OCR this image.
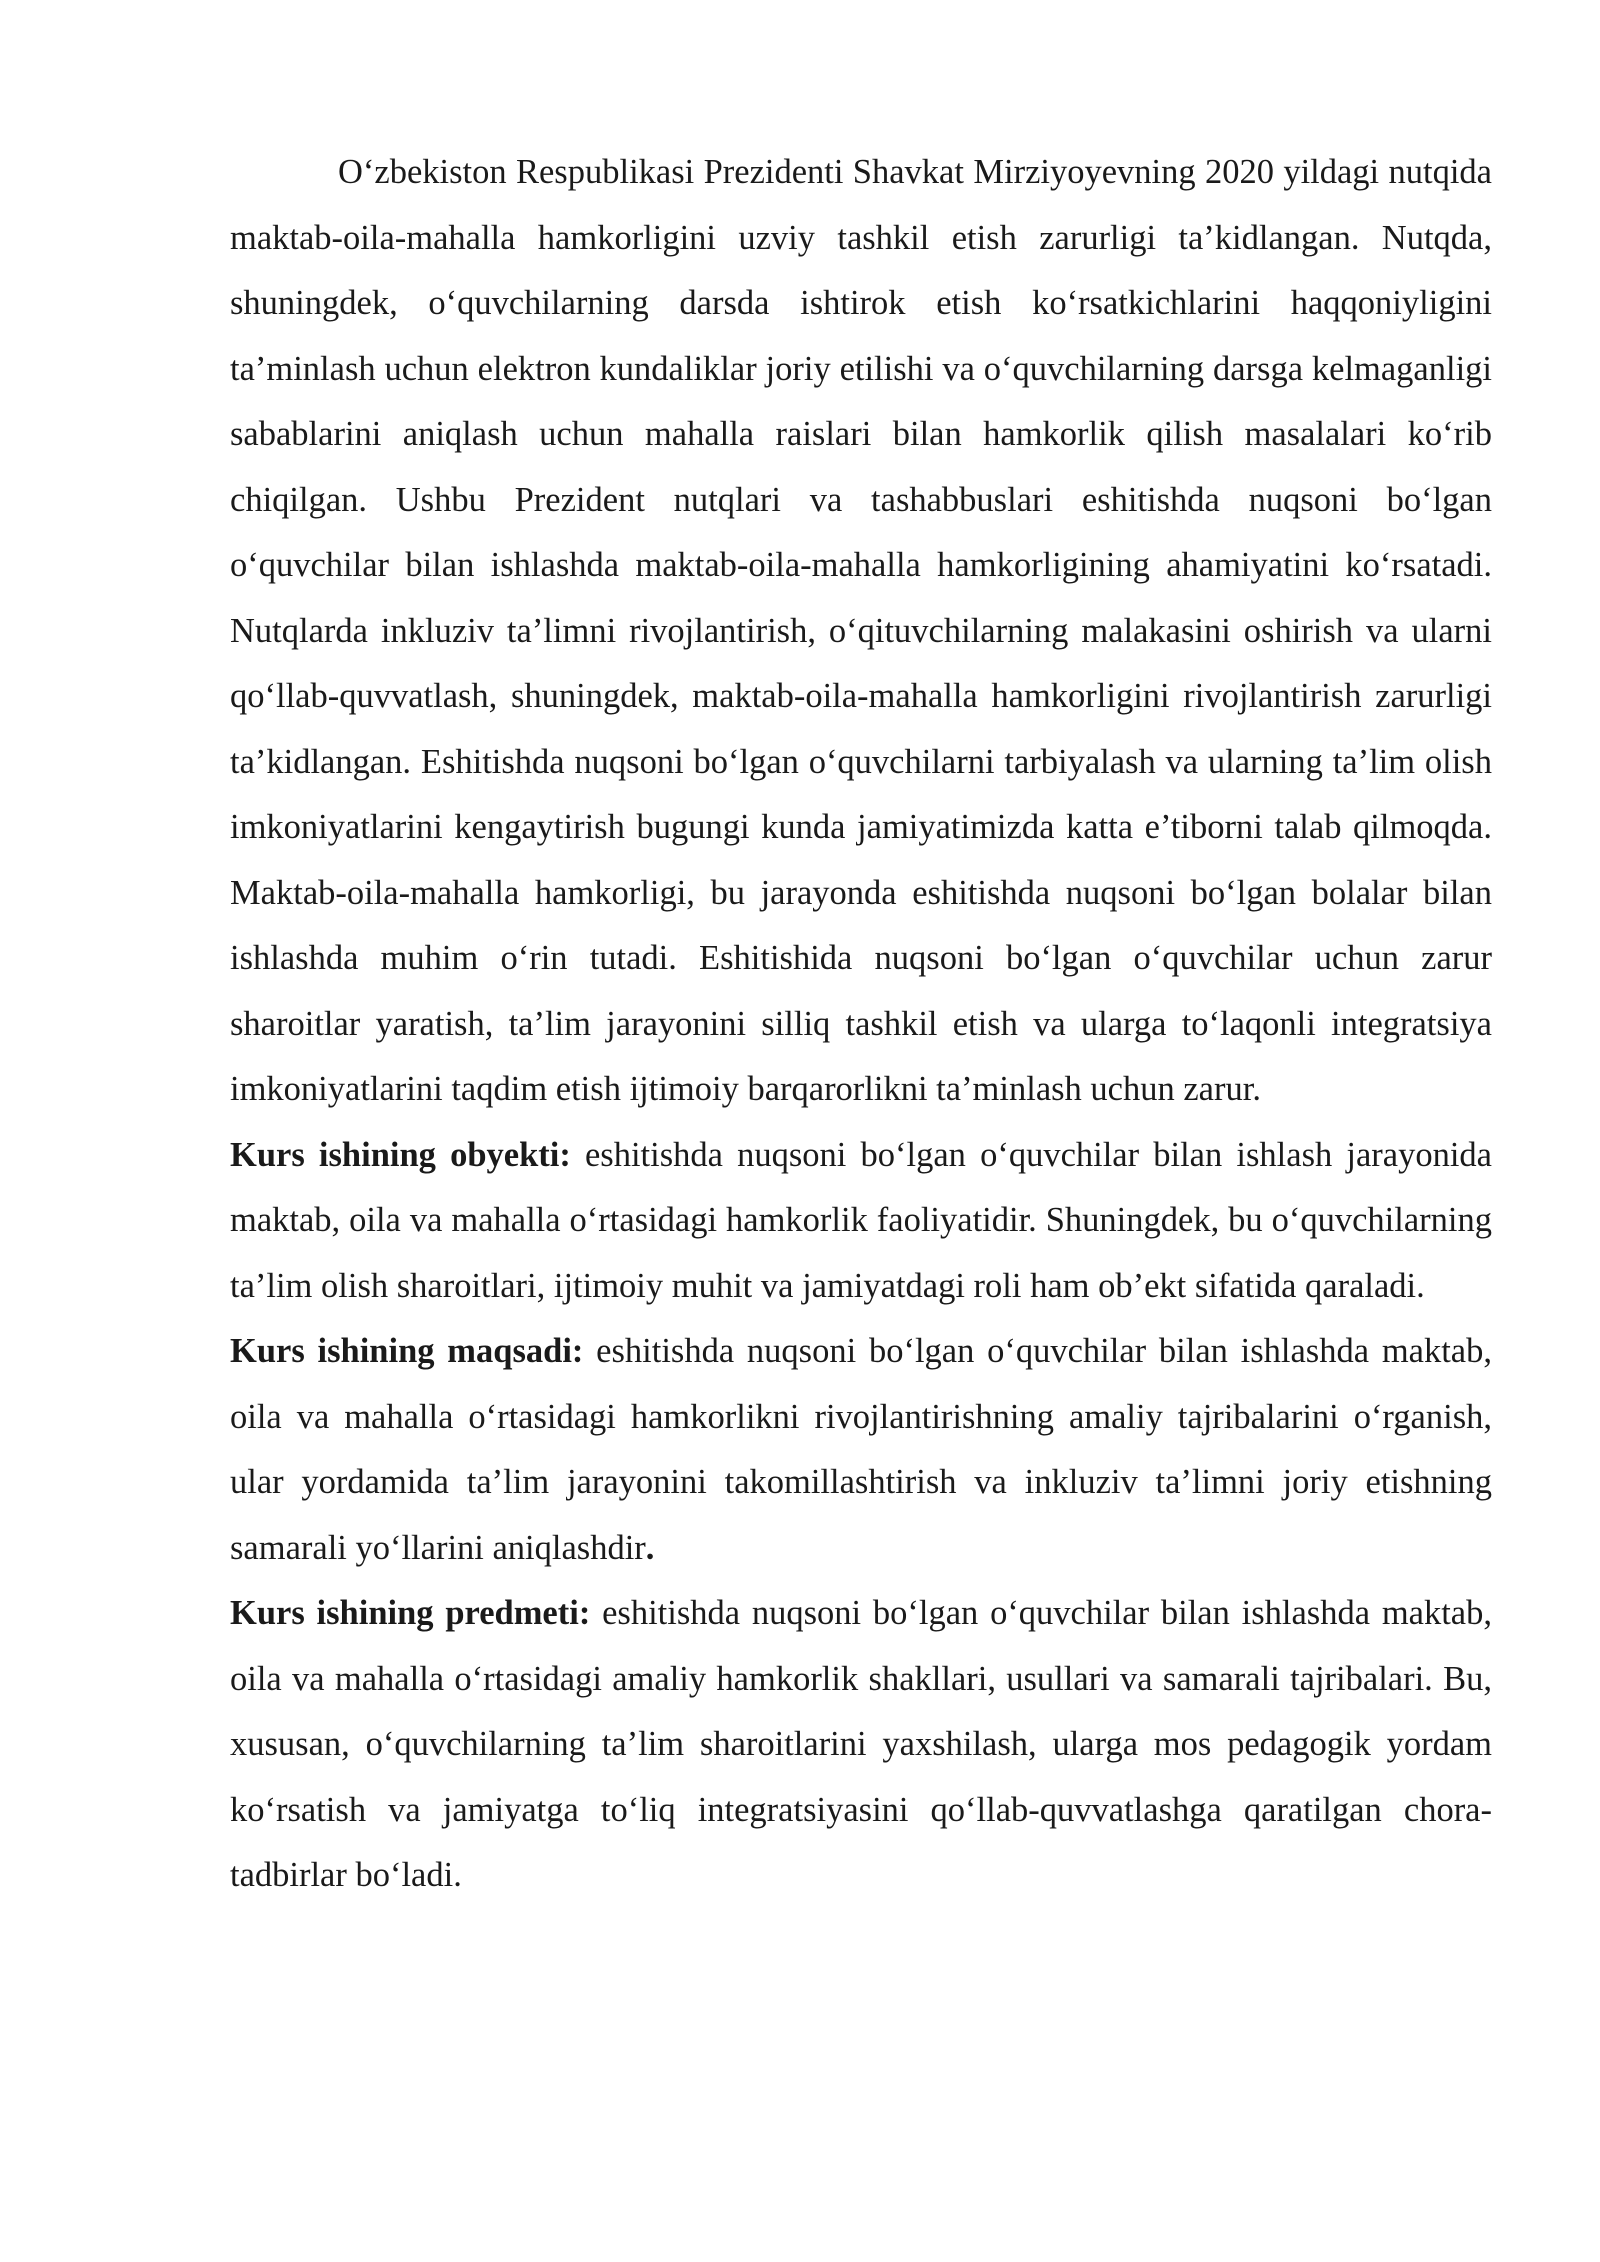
O‘zbekiston Respublikasi Prezidenti Shavkat Mirziyoyevning 2020 yildagi nutqida maktab-oila-mahalla hamkorligini uzviy tashkil etish zarurligi ta’kidlangan. Nutqda, shuningdek, o‘quvchilarning darsda ishtirok etish ko‘rsatkichlarini haqqoniyligini ta’minlash uchun elektron kundaliklar joriy etilishi va o‘quvchilarning darsga kelmaganligi sabablarini aniqlash uchun mahalla raislari bilan hamkorlik qilish masalalari ko‘rib chiqilgan. Ushbu Prezident nutqlari va tashabbuslari eshitishda nuqsoni bo‘lgan o‘quvchilar bilan ishlashda maktab-oila-mahalla hamkorligining ahamiyatini ko‘rsatadi. Nutqlarda inkluziv ta’limni rivojlantirish, o‘qituvchilarning malakasini oshirish va ularni qo‘llab-quvvatlash, shuningdek, maktab-oila-mahalla hamkorligini rivojlantirish zarurligi ta’kidlangan. Eshitishda nuqsoni bo‘lgan o‘quvchilarni tarbiyalash va ularning ta’lim olish imkoniyatlarini kengaytirish bugungi kunda jamiyatimizda katta e’tiborni talab qilmoqda. Maktab-oila-mahalla hamkorligi, bu jarayonda eshitishda nuqsoni bo‘lgan bolalar bilan ishlashda muhim o‘rin tutadi. Eshitishida nuqsoni bo‘lgan o‘quvchilar uchun zarur sharoitlar yaratish, ta’lim jarayonini silliq tashkil etish va ularga to‘laqonli integratsiya imkoniyatlarini taqdim etish ijtimoiy barqarorlikni ta’minlash uchun zarur.

Kurs ishining obyekti: eshitishda nuqsoni bo‘lgan o‘quvchilar bilan ishlash jarayonida maktab, oila va mahalla o‘rtasidagi hamkorlik faoliyatidir. Shuningdek, bu o‘quvchilarning ta’lim olish sharoitlari, ijtimoiy muhit va jamiyatdagi roli ham ob’ekt sifatida qaraladi.

Kurs ishining maqsadi: eshitishda nuqsoni bo‘lgan o‘quvchilar bilan ishlashda maktab, oila va mahalla o‘rtasidagi hamkorlikni rivojlantirishning amaliy tajribalarini o‘rganish, ular yordamida ta’lim jarayonini takomillashtirish va inkluziv ta’limni joriy etishning samarali yo‘llarini aniqlashdir.

Kurs ishining predmeti: eshitishda nuqsoni bo‘lgan o‘quvchilar bilan ishlashda maktab, oila va mahalla o‘rtasidagi amaliy hamkorlik shakllari, usullari va samarali tajribalari. Bu, xususan, o‘quvchilarning ta’lim sharoitlarini yaxshilash, ularga mos pedagogik yordam ko‘rsatish va jamiyatga to‘liq integratsiyasini qo‘llab-quvvatlashga qaratilgan chora-tadbirlar bo‘ladi.
